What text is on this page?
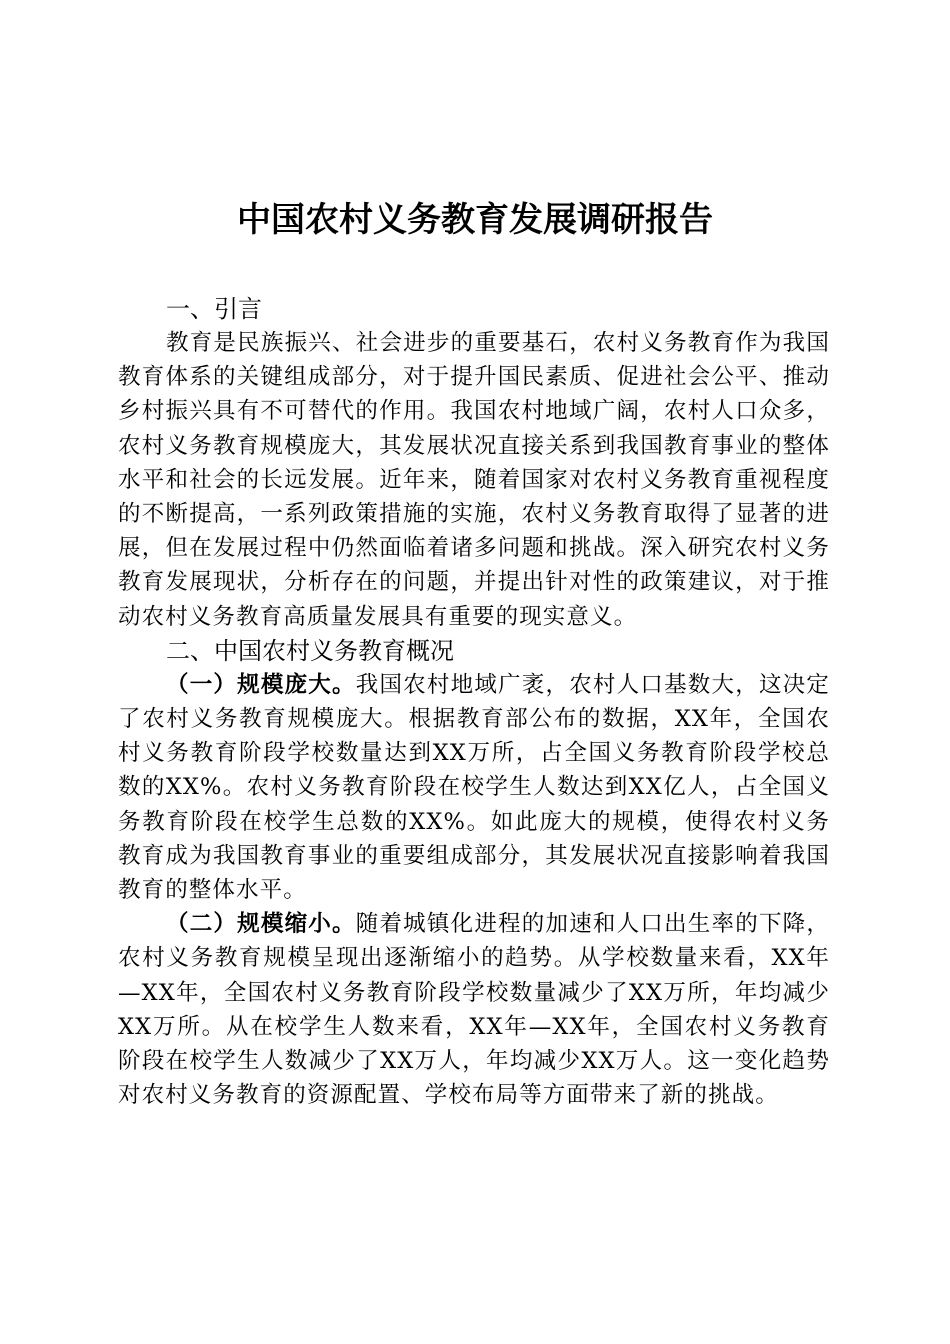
中国农村义务教育发展调研报告
一、引言

教育是民族振兴、社会进步的重要基石，农村义务教育作为我国教育体系的关键组成部分，对于提升国民素质、促进社会公平、推动乡村振兴具有不可替代的作用。我国农村地域广阔，农村人口众多，农村义务教育规模庞大，其发展状况直接关系到我国教育事业的整体水平和社会的长远发展。近年来，随着国家对农村义务教育重视程度的不断提高，一系列政策措施的实施，农村义务教育取得了显著的进展，但在发展过程中仍然面临着诸多问题和挑战。深入研究农村义务教育发展现状，分析存在的问题，并提出针对性的政策建议，对于推动农村义务教育高质量发展具有重要的现实意义。

二、中国农村义务教育概况

（一）规模庞大。我国农村地域广袤，农村人口基数大，这决定了农村义务教育规模庞大。根据教育部公布的数据，XX年，全国农村义务教育阶段学校数量达到XX万所，占全国义务教育阶段学校总数的XX%。农村义务教育阶段在校学生人数达到XX亿人，占全国义务教育阶段在校学生总数的XX%。如此庞大的规模，使得农村义务教育成为我国教育事业的重要组成部分，其发展状况直接影响着我国教育的整体水平。

（二）规模缩小。随着城镇化进程的加速和人口出生率的下降，农村义务教育规模呈现出逐渐缩小的趋势。从学校数量来看，XX年—XX年，全国农村义务教育阶段学校数量减少了XX万所，年均减少XX万所。从在校学生人数来看，XX年—XX年，全国农村义务教育阶段在校学生人数减少了XX万人，年均减少XX万人。这一变化趋势对农村义务教育的资源配置、学校布局等方面带来了新的挑战。
